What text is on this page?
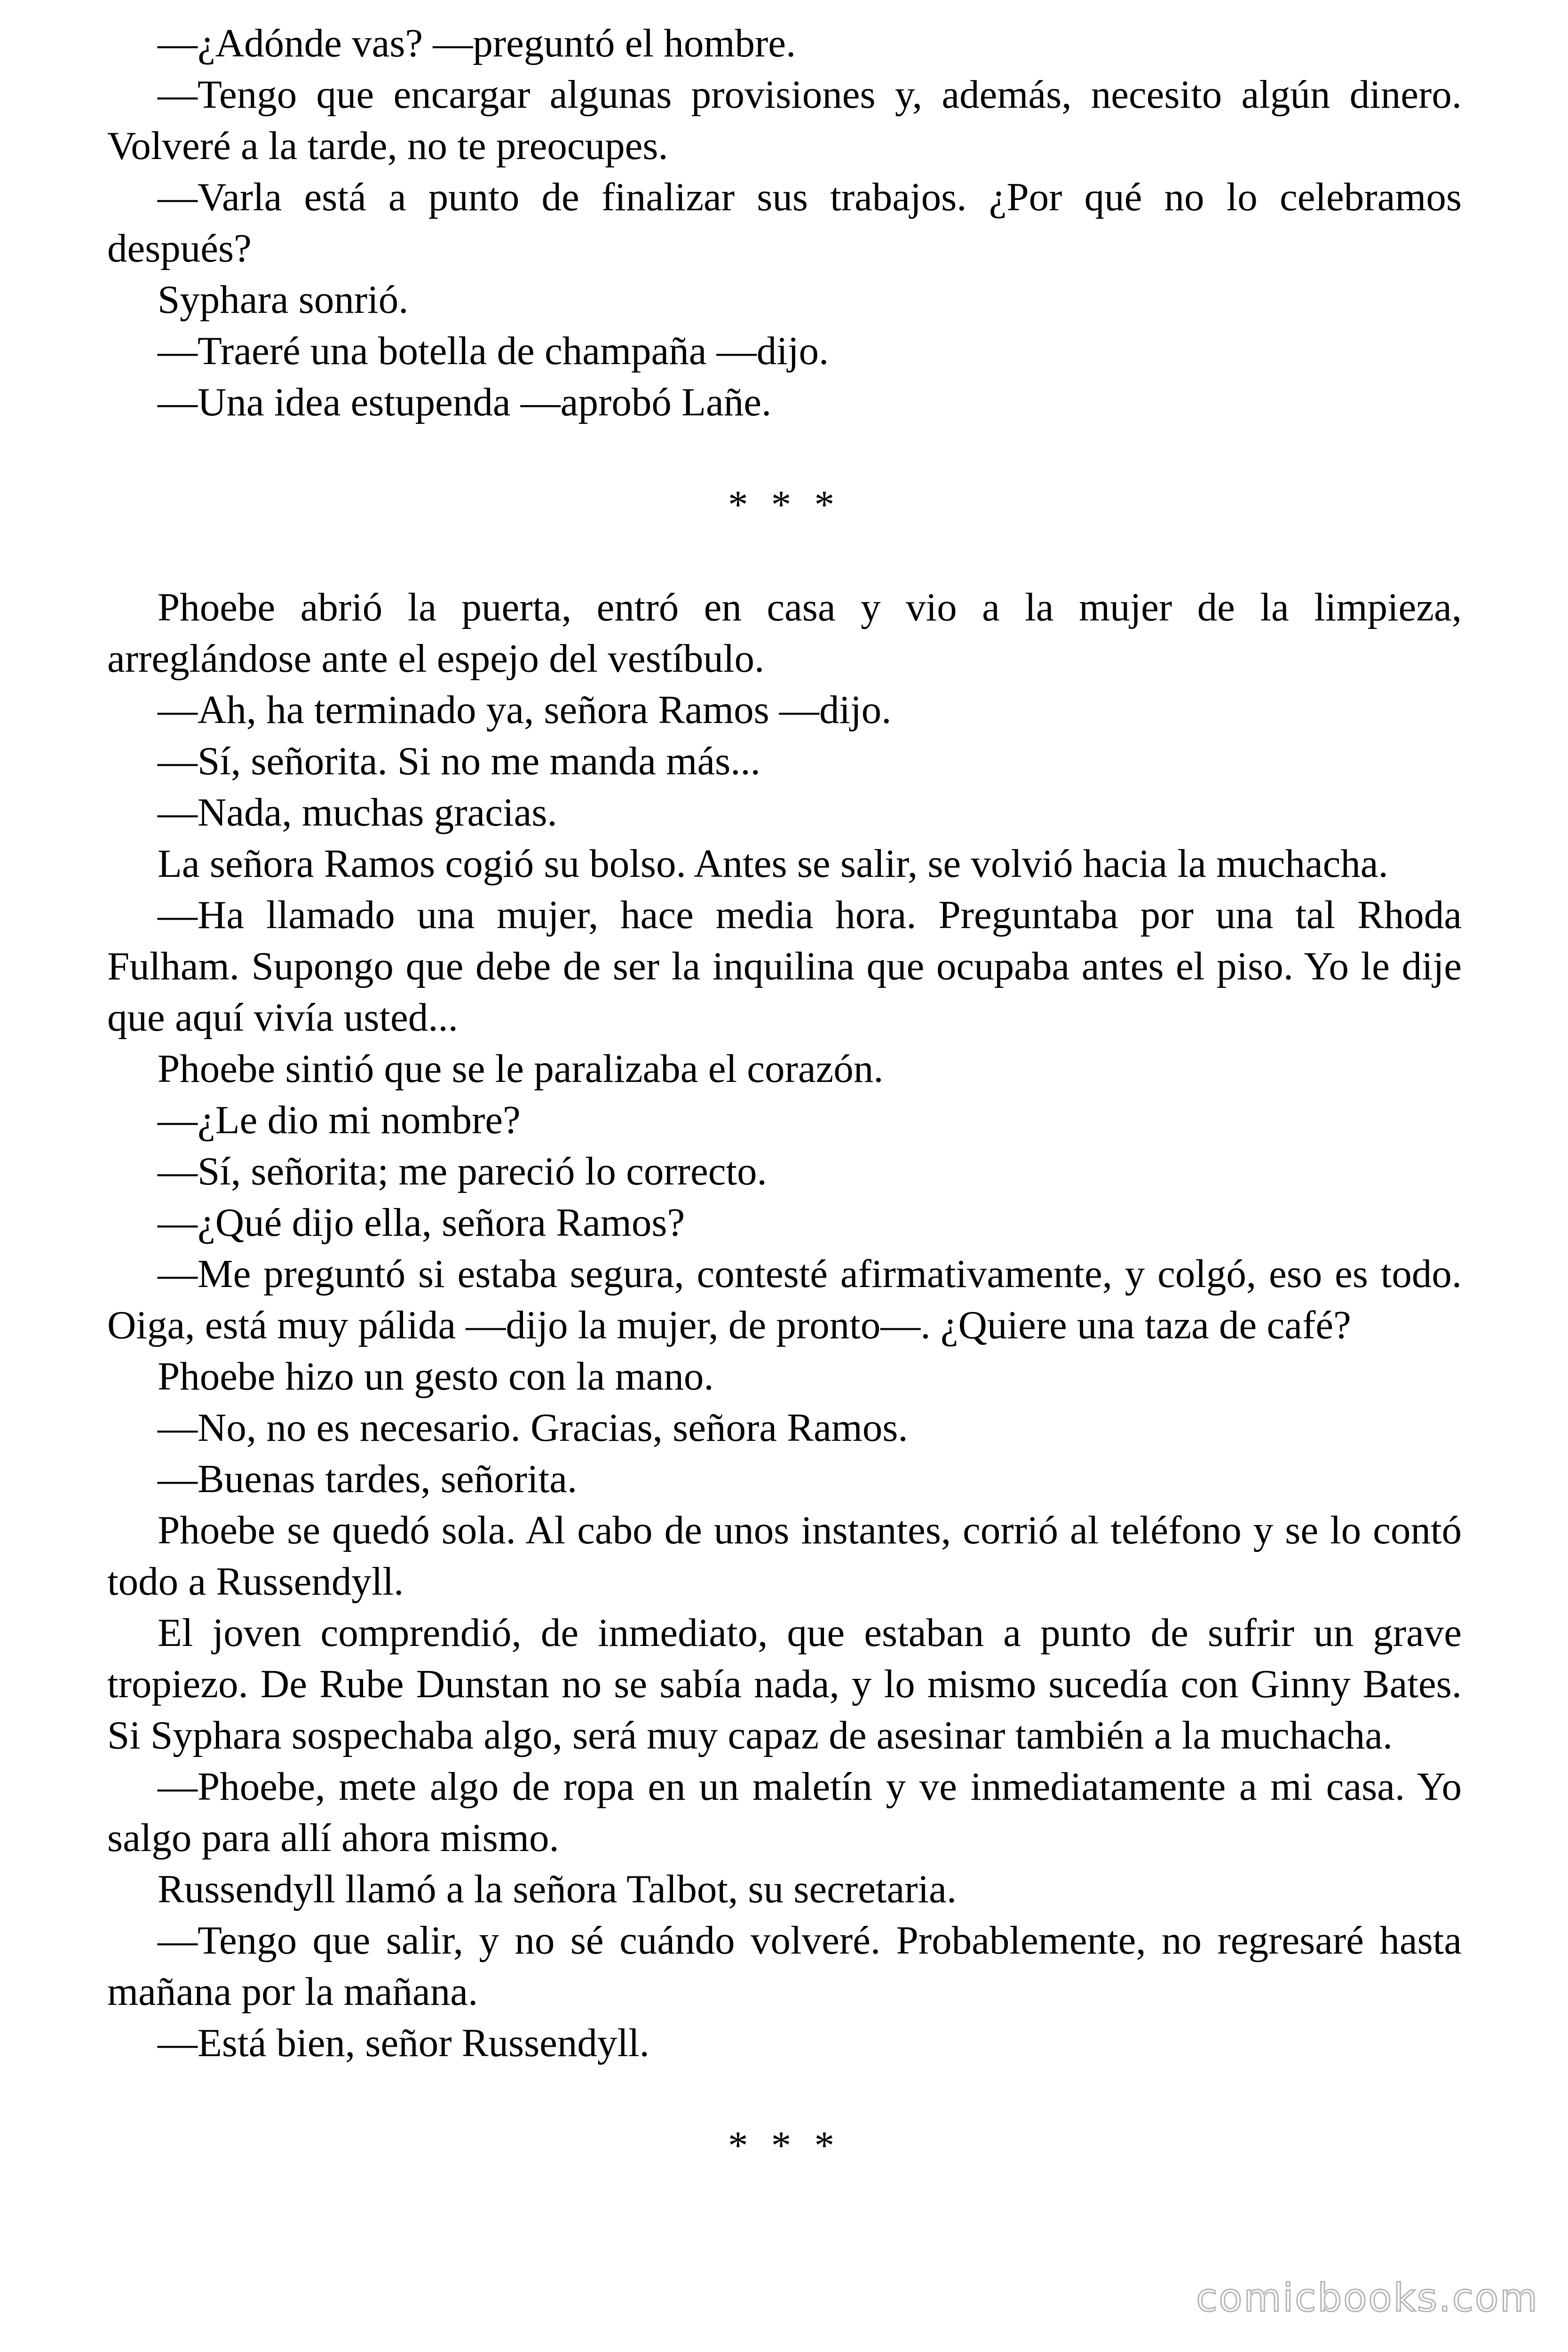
—¿Adónde vas? —preguntó el hombre.

—Tengo que encargar algunas provisiones y, además, necesito algún dinero. Volveré a la tarde, no te preocupes.

—Varla está a punto de finalizar sus trabajos. ¿Por qué no lo celebramos después?

Syphara sonrió.

—Traeré una botella de champaña —dijo.

—Una idea estupenda —aprobó Lañe.

* * *

Phoebe abrió la puerta, entró en casa y vio a la mujer de la limpieza, arreglándose ante el espejo del vestíbulo.

—Ah, ha terminado ya, señora Ramos —dijo.

—Sí, señorita. Si no me manda más...

—Nada, muchas gracias.

La señora Ramos cogió su bolso. Antes se salir, se volvió hacia la muchacha.

—Ha llamado una mujer, hace media hora. Preguntaba por una tal Rhoda Fulham. Supongo que debe de ser la inquilina que ocupaba antes el piso. Yo le dije que aquí vivía usted...

Phoebe sintió que se le paralizaba el corazón.

—¿Le dio mi nombre?

—Sí, señorita; me pareció lo correcto.

—¿Qué dijo ella, señora Ramos?

—Me preguntó si estaba segura, contesté afirmativamente, y colgó, eso es todo. Oiga, está muy pálida —dijo la mujer, de pronto—. ¿Quiere una taza de café?

Phoebe hizo un gesto con la mano.

—No, no es necesario. Gracias, señora Ramos.

—Buenas tardes, señorita.

Phoebe se quedó sola. Al cabo de unos instantes, corrió al teléfono y se lo contó todo a Russendyll.

El joven comprendió, de inmediato, que estaban a punto de sufrir un grave tropiezo. De Rube Dunstan no se sabía nada, y lo mismo sucedía con Ginny Bates. Si Syphara sospechaba algo, será muy capaz de asesinar también a la muchacha.

—Phoebe, mete algo de ropa en un maletín y ve inmediatamente a mi casa. Yo salgo para allí ahora mismo.

Russendyll llamó a la señora Talbot, su secretaria.

—Tengo que salir, y no sé cuándo volveré. Probablemente, no regresaré hasta mañana por la mañana.

—Está bien, señor Russendyll.

* * *

comicbooks.com
